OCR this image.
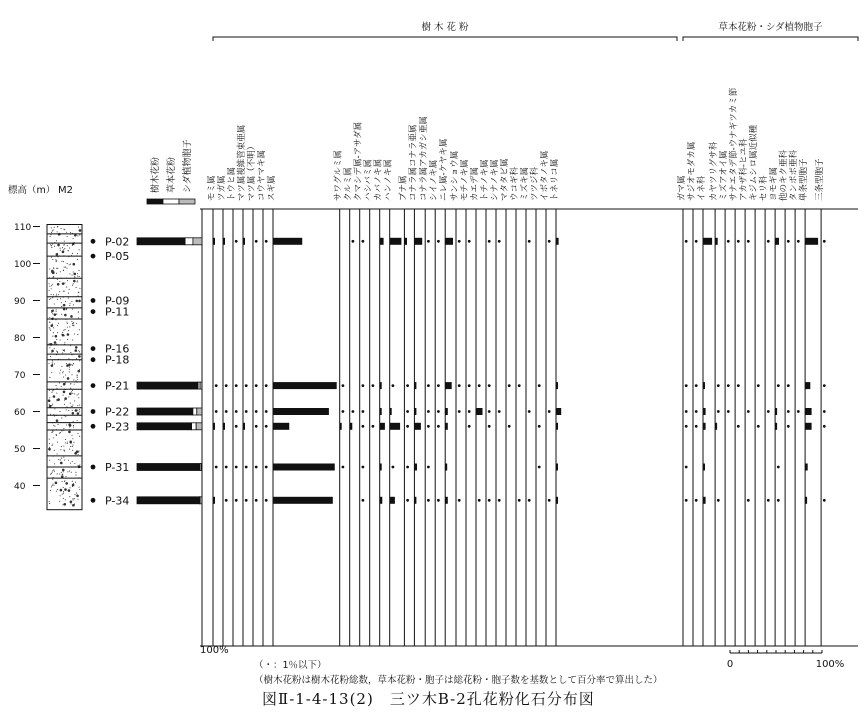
樹 木 花 粉	草本花粉・シダ植物胞子
モミ属 ツガ属 トウヒ属 マツ属複維管束亜属 マツ属（不明） コウヤマキ属 スギ属	サワグルミ属 クルミ属 クマシデ属-アサダ属 ハシバミ属 カバノキ属 ハンノキ属 ブナ属 コナラ属コナラ亜属 コナラ属アカガシ亜属 シイノキ属 ニレ属-ケヤキ属 サンショウ属 モチノキ属 カエデ属 トチノキ属 シナノキ属 マタタビ属 ウコギ科 ミズキ属 ツツジ科 イボタノキ属 トネリコ属	ガマ属 サジオモダカ属 イネ科 カヤツリグサ科 ミズアオイ属 サナエタデ節-ウナギツカミ節 アカザ科-ヒユ科 キジムシロ属近似種 セリ科 ヨモギ属 他のキク亜科 タンポポ亜科 単条型胞子 三条型胞子
標高（m） M2
110
100
90
80
70
60
50
40
P-02
P-05
P-09
P-11
P-16
P-18
P-21
P-22
P-23
P-31
P-34
樹木花粉 草本花粉 シダ植物胞子
100%
0	100%
（・：1％以下）
（樹木花粉は樹木花粉総数，草本花粉・胞子は総花粉・胞子数を基数として百分率で算出した）
図Ⅱ-1-4-13(2)　三ツ木B-2孔花粉化石分布図
